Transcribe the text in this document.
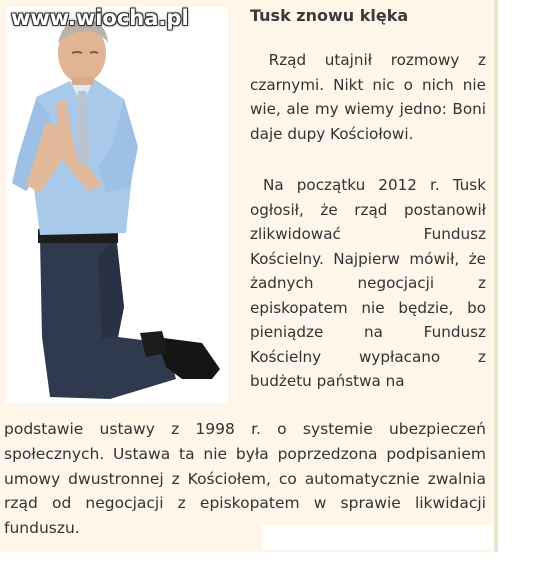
www.wiocha.pl	Tusk znowu klęka
Rząd utajnił rozmowy z czarnymi. Nikt nic o nich nie wie, ale my wiemy jedno: Boni daje dupy Kościołowi.
Na początku 2012 r. Tusk ogłosił, że rząd postanowił zlikwidować Fundusz Kościelny. Najpierw mówił, że żadnych negocjacji z episkopatem nie będzie, bo pieniądze na Fundusz Kościelny wypłacano z budżetu państwa na
podstawie ustawy z 1998 r. o systemie ubezpieczeń społecznych. Ustawa ta nie była poprzedzona podpisaniem umowy dwustronnej z Kościołem, co automatycznie zwalnia rząd od negocjacji z episkopatem w sprawie likwidacji funduszu.
